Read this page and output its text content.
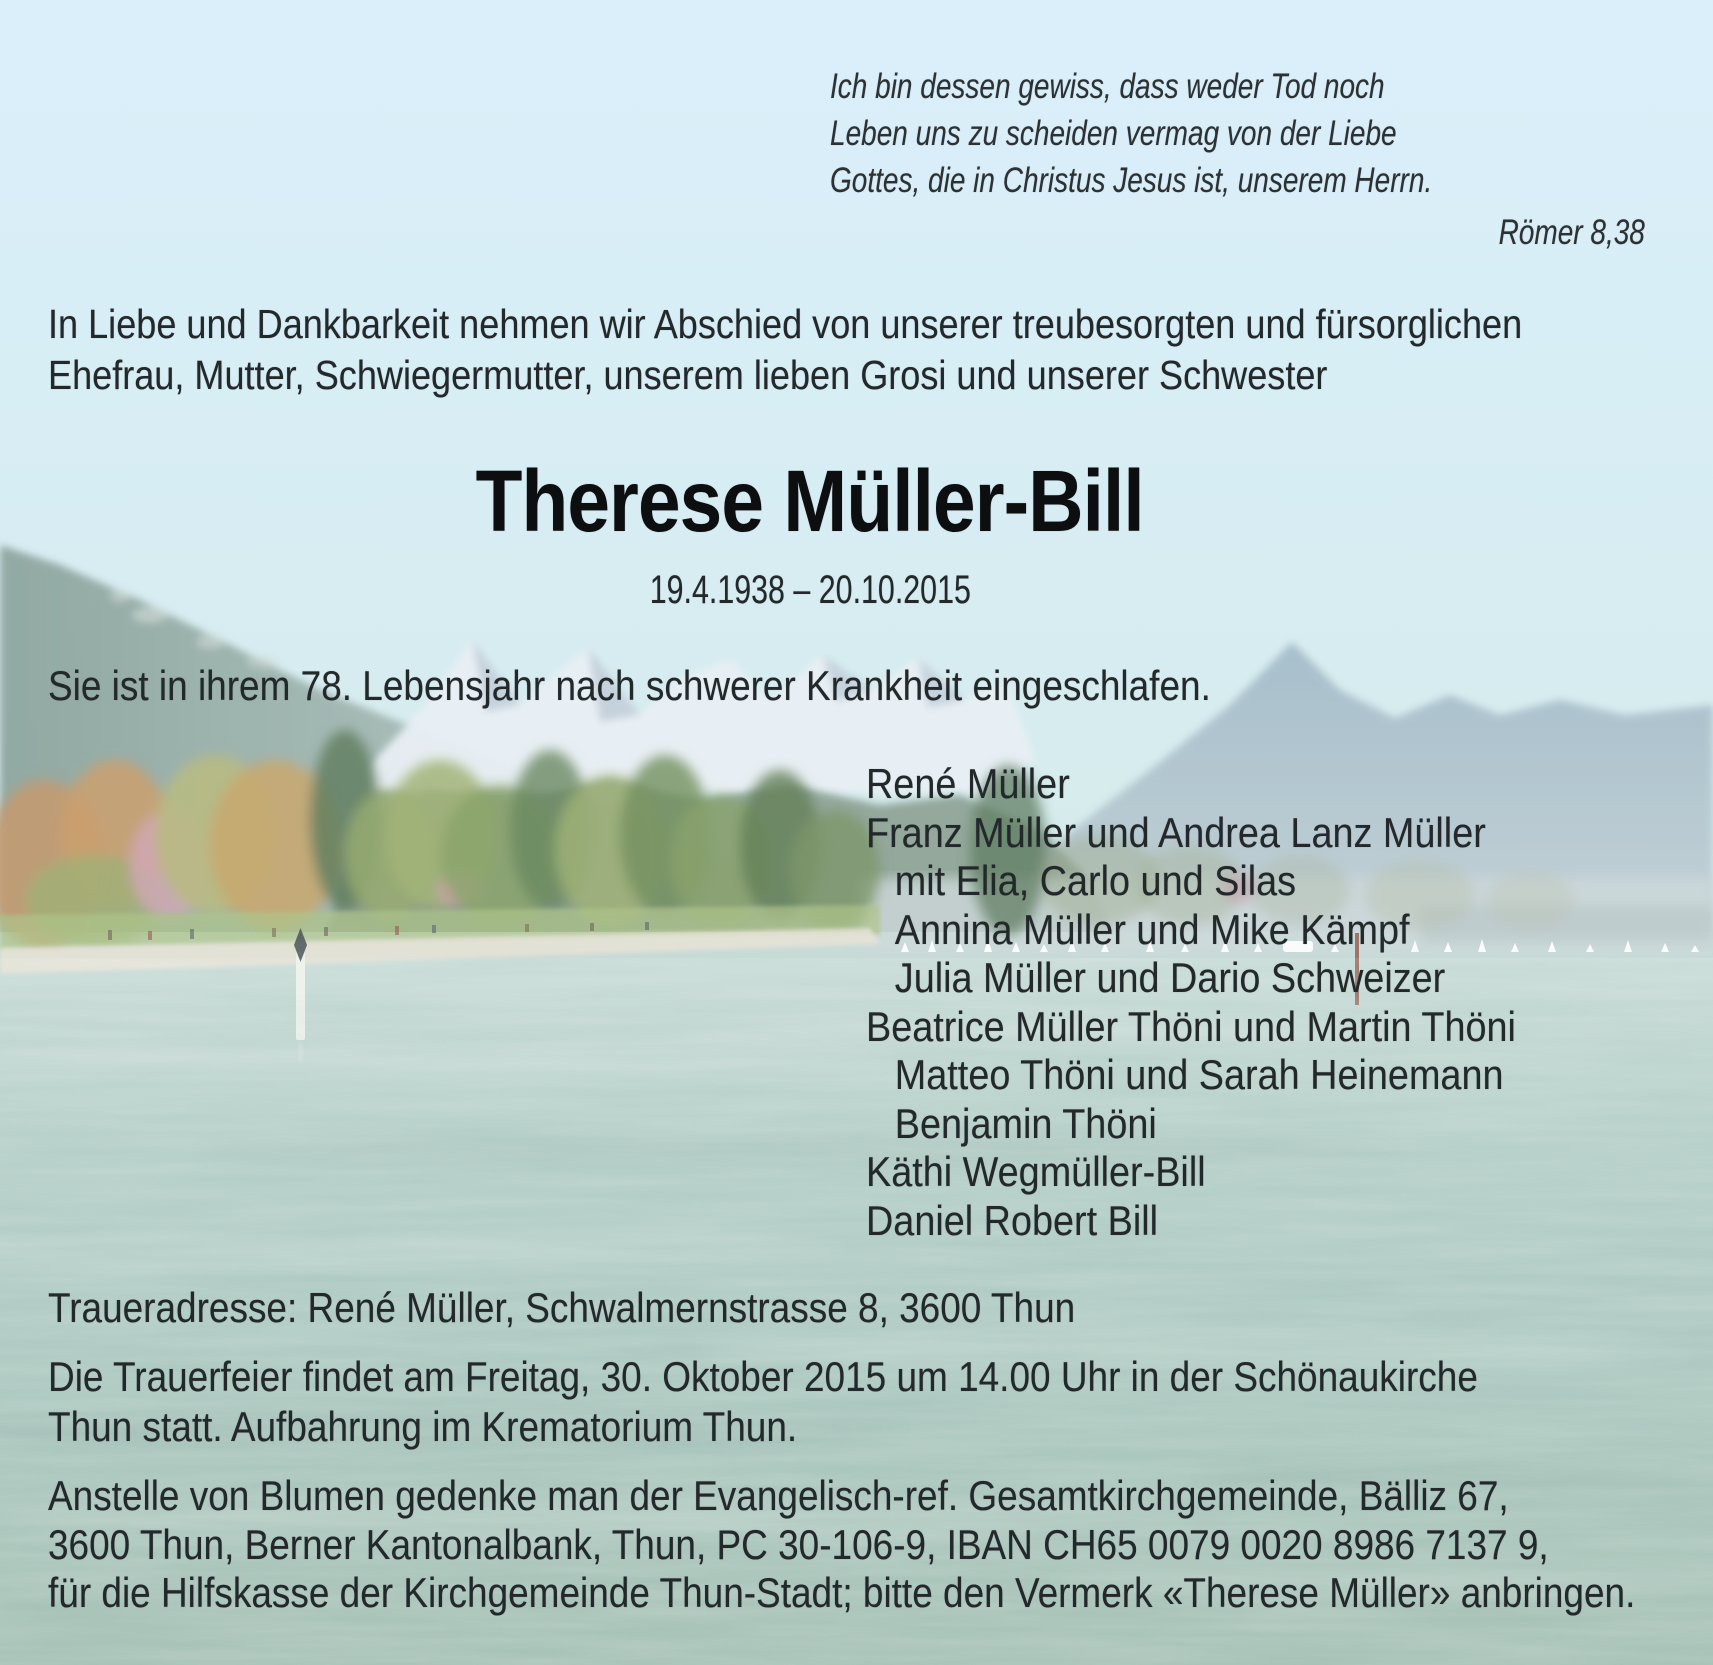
Ich bin dessen gewiss, dass weder Tod noch
Leben uns zu scheiden vermag von der Liebe
Gottes, die in Christus Jesus ist, unserem Herrn.
Römer 8,38
In Liebe und Dankbarkeit nehmen wir Abschied von unserer treubesorgten und fürsorglichen
Ehefrau, Mutter, Schwiegermutter, unserem lieben Grosi und unserer Schwester
Therese Müller-Bill
19.4.1938 – 20.10.2015
Sie ist in ihrem 78. Lebensjahr nach schwerer Krankheit eingeschlafen.
René Müller
Franz Müller und Andrea Lanz Müller
mit Elia, Carlo und Silas
Annina Müller und Mike Kämpf
Julia Müller und Dario Schweizer
Beatrice Müller Thöni und Martin Thöni
Matteo Thöni und Sarah Heinemann
Benjamin Thöni
Käthi Wegmüller-Bill
Daniel Robert Bill
Traueradresse: René Müller, Schwalmernstrasse 8, 3600 Thun
Die Trauerfeier findet am Freitag, 30. Oktober 2015 um 14.00 Uhr in der Schönaukirche
Thun statt. Aufbahrung im Krematorium Thun.
Anstelle von Blumen gedenke man der Evangelisch-ref. Gesamtkirchgemeinde, Bälliz 67,
3600 Thun, Berner Kantonalbank, Thun, PC 30-106-9, IBAN CH65 0079 0020 8986 7137 9,
für die Hilfskasse der Kirchgemeinde Thun-Stadt; bitte den Vermerk «Therese Müller» anbringen.
